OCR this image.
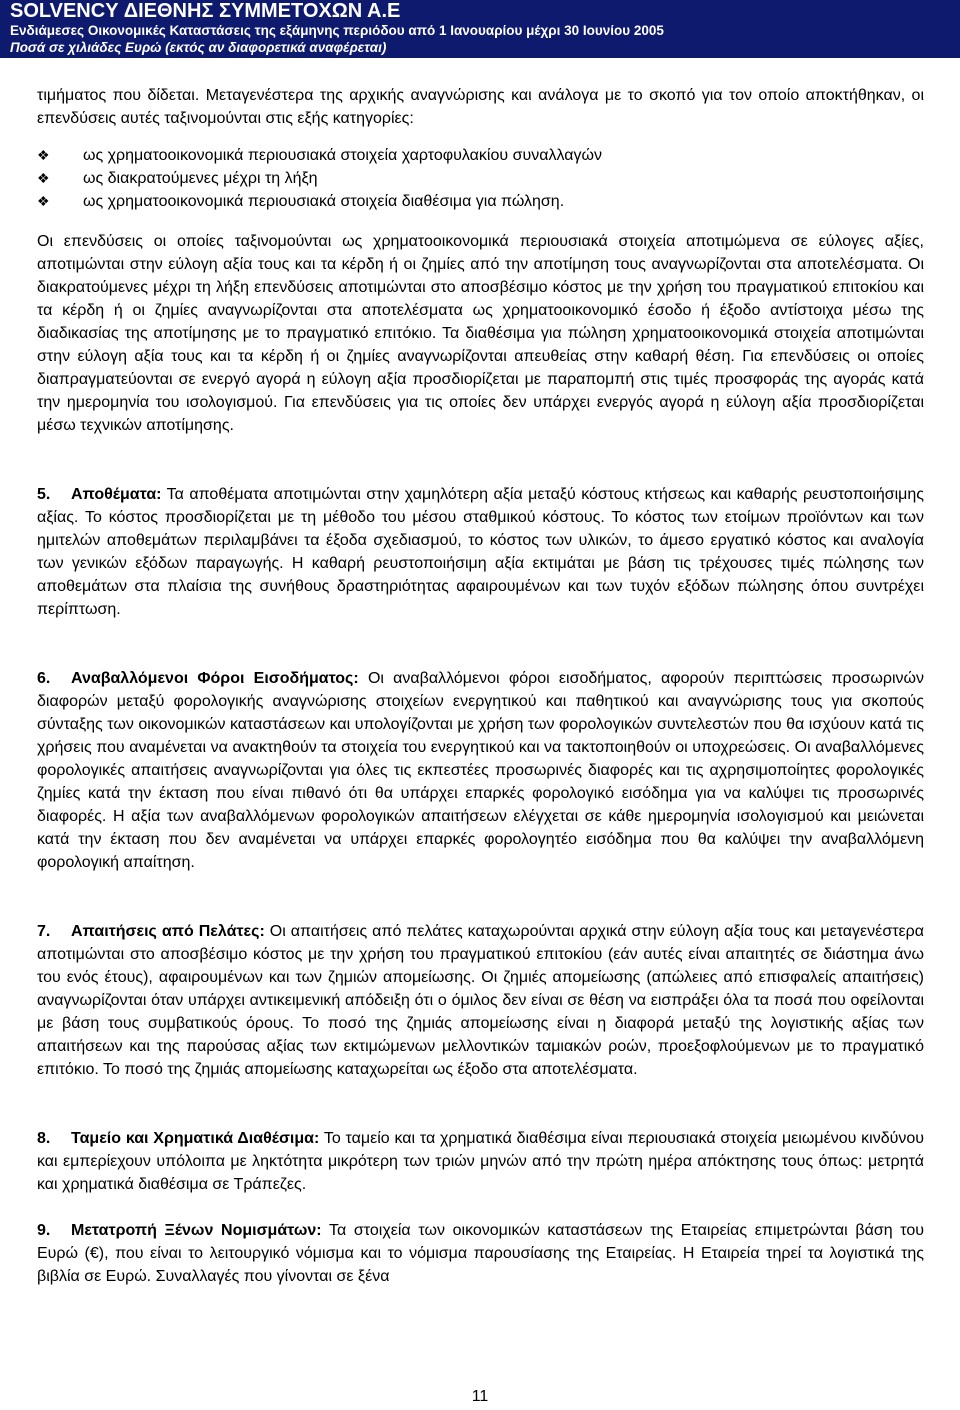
SOLVENCY ΔΙΕΘΝΗΣ ΣΥΜΜΕΤΟΧΩΝ Α.Ε
Ενδιάμεσες Οικονομικές Καταστάσεις της εξάμηνης περιόδου από 1 Ιανουαρίου μέχρι 30 Ιουνίου 2005
Ποσά σε χιλιάδες Ευρώ (εκτός αν διαφορετικά αναφέρεται)

τιμήματος που δίδεται. Μεταγενέστερα της αρχικής αναγνώρισης και ανάλογα με το σκοπό για τον οποίο αποκτήθηκαν, οι επενδύσεις αυτές ταξινομούνται στις εξής κατηγορίες:

❖ ως χρηματοοικονομικά περιουσιακά στοιχεία χαρτοφυλακίου συναλλαγών
❖ ως διακρατούμενες μέχρι τη λήξη
❖ ως χρηματοοικονομικά περιουσιακά στοιχεία διαθέσιμα για πώληση.

Οι επενδύσεις οι οποίες ταξινομούνται ως χρηματοοικονομικά περιουσιακά στοιχεία αποτιμώμενα σε εύλογες αξίες, αποτιμώνται στην εύλογη αξία τους και τα κέρδη ή οι ζημίες από την αποτίμηση τους αναγνωρίζονται στα αποτελέσματα. Οι διακρατούμενες μέχρι τη λήξη επενδύσεις αποτιμώνται στο αποσβέσιμο κόστος με την χρήση του πραγματικού επιτοκίου και τα κέρδη ή οι ζημίες αναγνωρίζονται στα αποτελέσματα ως χρηματοοικονομικό έσοδο ή έξοδο αντίστοιχα μέσω της διαδικασίας της αποτίμησης με το πραγματικό επιτόκιο. Τα διαθέσιμα για πώληση χρηματοοικονομικά στοιχεία αποτιμώνται στην εύλογη αξία τους και τα κέρδη ή οι ζημίες αναγνωρίζονται απευθείας στην καθαρή θέση. Για επενδύσεις οι οποίες διαπραγματεύονται σε ενεργό αγορά η εύλογη αξία προσδιορίζεται με παραπομπή στις τιμές προσφοράς της αγοράς κατά την ημερομηνία του ισολογισμού. Για επενδύσεις για τις οποίες δεν υπάρχει ενεργός αγορά η εύλογη αξία προσδιορίζεται μέσω τεχνικών αποτίμησης.

5. Αποθέματα: Τα αποθέματα αποτιμώνται στην χαμηλότερη αξία μεταξύ κόστους κτήσεως και καθαρής ρευστοποιήσιμης αξίας. Το κόστος προσδιορίζεται με τη μέθοδο του μέσου σταθμικού κόστους. Το κόστος των ετοίμων προϊόντων και των ημιτελών αποθεμάτων περιλαμβάνει τα έξοδα σχεδιασμού, το κόστος των υλικών, το άμεσο εργατικό κόστος και αναλογία των γενικών εξόδων παραγωγής. Η καθαρή ρευστοποιήσιμη αξία εκτιμάται με βάση τις τρέχουσες τιμές πώλησης των αποθεμάτων στα πλαίσια της συνήθους δραστηριότητας αφαιρουμένων και των τυχόν εξόδων πώλησης όπου συντρέχει περίπτωση.

6. Αναβαλλόμενοι Φόροι Εισοδήματος: Οι αναβαλλόμενοι φόροι εισοδήματος, αφορούν περιπτώσεις προσωρινών διαφορών μεταξύ φορολογικής αναγνώρισης στοιχείων ενεργητικού και παθητικού και αναγνώρισης τους για σκοπούς σύνταξης των οικονομικών καταστάσεων και υπολογίζονται με χρήση των φορολογικών συντελεστών που θα ισχύουν κατά τις χρήσεις που αναμένεται να ανακτηθούν τα στοιχεία του ενεργητικού και να τακτοποιηθούν οι υποχρεώσεις. Οι αναβαλλόμενες φορολογικές απαιτήσεις αναγνωρίζονται για όλες τις εκπεστέες προσωρινές διαφορές και τις αχρησιμοποίητες φορολογικές ζημίες κατά την έκταση που είναι πιθανό ότι θα υπάρχει επαρκές φορολογικό εισόδημα για να καλύψει τις προσωρινές διαφορές. Η αξία των αναβαλλόμενων φορολογικών απαιτήσεων ελέγχεται σε κάθε ημερομηνία ισολογισμού και μειώνεται κατά την έκταση που δεν αναμένεται να υπάρχει επαρκές φορολογητέο εισόδημα που θα καλύψει την αναβαλλόμενη φορολογική απαίτηση.

7. Απαιτήσεις από Πελάτες: Οι απαιτήσεις από πελάτες καταχωρούνται αρχικά στην εύλογη αξία τους και μεταγενέστερα αποτιμώνται στο αποσβέσιμο κόστος με την χρήση του πραγματικού επιτοκίου (εάν αυτές είναι απαιτητές σε διάστημα άνω του ενός έτους), αφαιρουμένων και των ζημιών απομείωσης. Οι ζημιές απομείωσης (απώλειες από επισφαλείς απαιτήσεις) αναγνωρίζονται όταν υπάρχει αντικειμενική απόδειξη ότι ο όμιλος δεν είναι σε θέση να εισπράξει όλα τα ποσά που οφείλονται με βάση τους συμβατικούς όρους. Το ποσό της ζημιάς απομείωσης είναι η διαφορά μεταξύ της λογιστικής αξίας των απαιτήσεων και της παρούσας αξίας των εκτιμώμενων μελλοντικών ταμιακών ροών, προεξοφλούμενων με το πραγματικό επιτόκιο. Το ποσό της ζημιάς απομείωσης καταχωρείται ως έξοδο στα αποτελέσματα.

8. Ταμείο και Χρηματικά Διαθέσιμα: Το ταμείο και τα χρηματικά διαθέσιμα είναι περιουσιακά στοιχεία μειωμένου κινδύνου και εμπερίεχουν υπόλοιπα με ληκτότητα μικρότερη των τριών μηνών από την πρώτη ημέρα απόκτησης τους όπως: μετρητά και χρηματικά διαθέσιμα σε Τράπεζες.

9. Μετατροπή Ξένων Νομισμάτων: Τα στοιχεία των οικονομικών καταστάσεων της Εταιρείας επιμετρώνται βάση του Ευρώ (€), που είναι το λειτουργικό νόμισμα και το νόμισμα παρουσίασης της Εταιρείας. Η Εταιρεία τηρεί τα λογιστικά της βιβλία σε Ευρώ. Συναλλαγές που γίνονται σε ξένα

11
